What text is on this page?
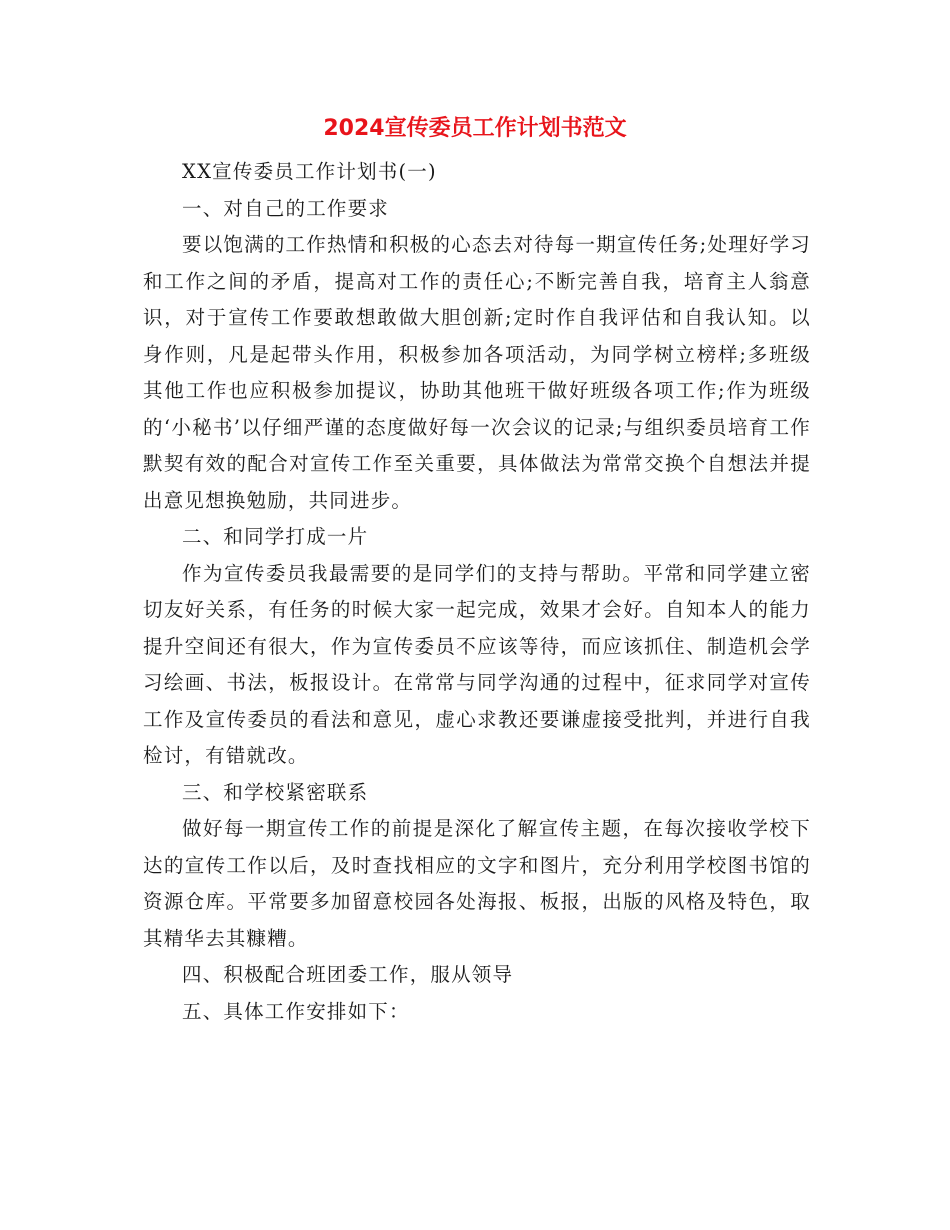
2024宣传委员工作计划书范文

XX宣传委员工作计划书(一)

一、对自己的工作要求

要以饱满的工作热情和积极的心态去对待每一期宣传任务;处理好学习和工作之间的矛盾，提高对工作的责任心;不断完善自我，培育主人翁意识，对于宣传工作要敢想敢做大胆创新;定时作自我评估和自我认知。以身作则，凡是起带头作用，积极参加各项活动，为同学树立榜样;多班级其他工作也应积极参加提议，协助其他班干做好班级各项工作;作为班级的‘小秘书’以仔细严谨的态度做好每一次会议的记录;与组织委员培育工作默契有效的配合对宣传工作至关重要，具体做法为常常交换个自想法并提出意见想换勉励，共同进步。

二、和同学打成一片

作为宣传委员我最需要的是同学们的支持与帮助。平常和同学建立密切友好关系，有任务的时候大家一起完成，效果才会好。自知本人的能力提升空间还有很大，作为宣传委员不应该等待，而应该抓住、制造机会学习绘画、书法，板报设计。在常常与同学沟通的过程中，征求同学对宣传工作及宣传委员的看法和意见，虚心求教还要谦虚接受批判，并进行自我检讨，有错就改。

三、和学校紧密联系

做好每一期宣传工作的前提是深化了解宣传主题，在每次接收学校下达的宣传工作以后，及时查找相应的文字和图片，充分利用学校图书馆的资源仓库。平常要多加留意校园各处海报、板报，出版的风格及特色，取其精华去其糠糟。

四、积极配合班团委工作，服从领导

五、具体工作安排如下：
